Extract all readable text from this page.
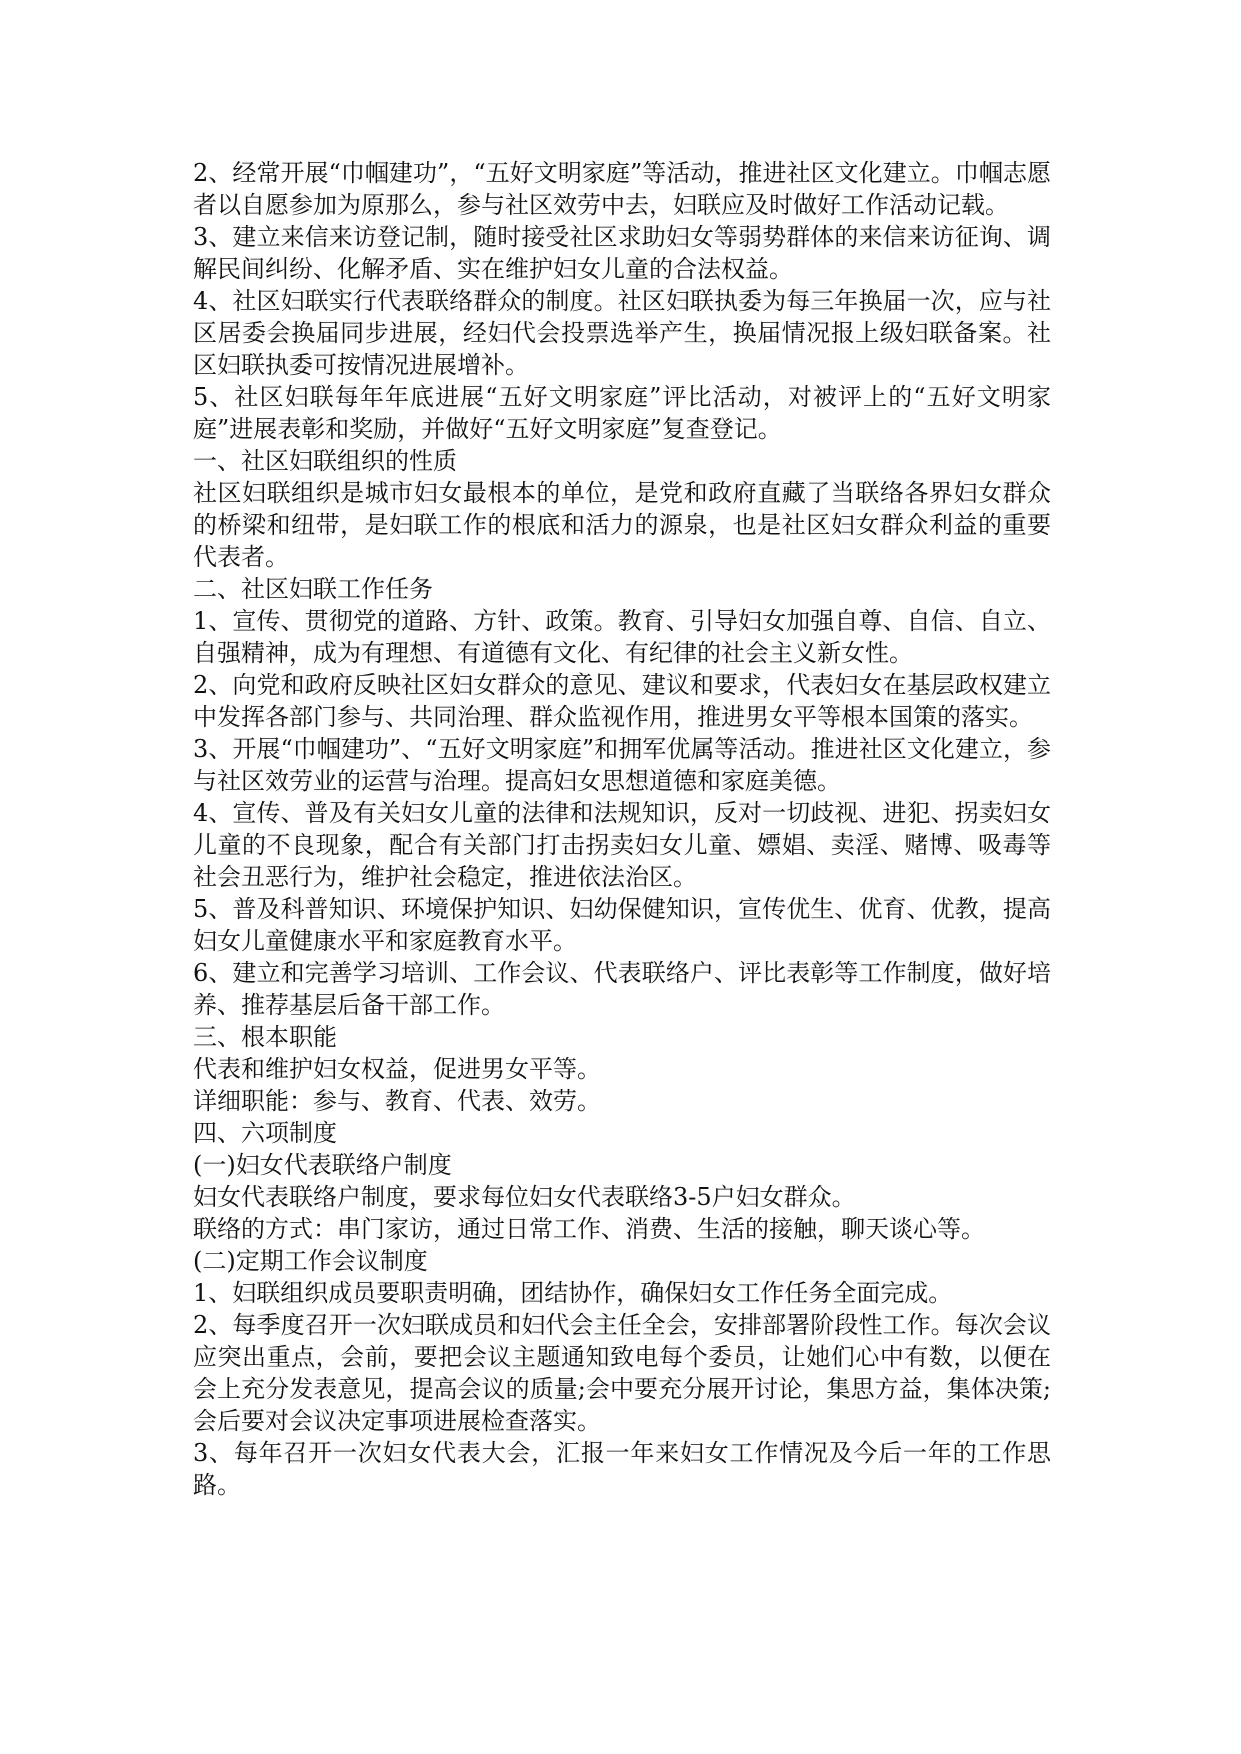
2、经常开展“巾帼建功”，“五好文明家庭”等活动，推进社区文化建立。巾帼志愿者以自愿参加为原那么，参与社区效劳中去，妇联应及时做好工作活动记载。

3、建立来信来访登记制，随时接受社区求助妇女等弱势群体的来信来访征询、调解民间纠纷、化解矛盾、实在维护妇女儿童的合法权益。

4、社区妇联实行代表联络群众的制度。社区妇联执委为每三年换届一次，应与社区居委会换届同步进展，经妇代会投票选举产生，换届情况报上级妇联备案。社区妇联执委可按情况进展增补。

5、社区妇联每年年底进展“五好文明家庭”评比活动，对被评上的“五好文明家庭”进展表彰和奖励，并做好“五好文明家庭”复查登记。

一、社区妇联组织的性质

社区妇联组织是城市妇女最根本的单位，是党和政府直藏了当联络各界妇女群众的桥梁和纽带，是妇联工作的根底和活力的源泉，也是社区妇女群众利益的重要代表者。

二、社区妇联工作任务

1、宣传、贯彻党的道路、方针、政策。教育、引导妇女加强自尊、自信、自立、自强精神，成为有理想、有道德有文化、有纪律的社会主义新女性。

2、向党和政府反映社区妇女群众的意见、建议和要求，代表妇女在基层政权建立中发挥各部门参与、共同治理、群众监视作用，推进男女平等根本国策的落实。

3、开展“巾帼建功”、“五好文明家庭”和拥军优属等活动。推进社区文化建立，参与社区效劳业的运营与治理。提高妇女思想道德和家庭美德。

4、宣传、普及有关妇女儿童的法律和法规知识，反对一切歧视、进犯、拐卖妇女儿童的不良现象，配合有关部门打击拐卖妇女儿童、嫖娼、卖淫、赌博、吸毒等社会丑恶行为，维护社会稳定，推进依法治区。

5、普及科普知识、环境保护知识、妇幼保健知识，宣传优生、优育、优教，提高妇女儿童健康水平和家庭教育水平。

6、建立和完善学习培训、工作会议、代表联络户、评比表彰等工作制度，做好培养、推荐基层后备干部工作。

三、根本职能

代表和维护妇女权益，促进男女平等。

详细职能：参与、教育、代表、效劳。

四、六项制度

(一)妇女代表联络户制度

妇女代表联络户制度，要求每位妇女代表联络3-5户妇女群众。

联络的方式：串门家访，通过日常工作、消费、生活的接触，聊天谈心等。

(二)定期工作会议制度

1、妇联组织成员要职责明确，团结协作，确保妇女工作任务全面完成。

2、每季度召开一次妇联成员和妇代会主任全会，安排部署阶段性工作。每次会议应突出重点，会前，要把会议主题通知致电每个委员，让她们心中有数，以便在会上充分发表意见，提高会议的质量;会中要充分展开讨论，集思方益，集体决策;会后要对会议决定事项进展检查落实。

3、每年召开一次妇女代表大会，汇报一年来妇女工作情况及今后一年的工作思路。
